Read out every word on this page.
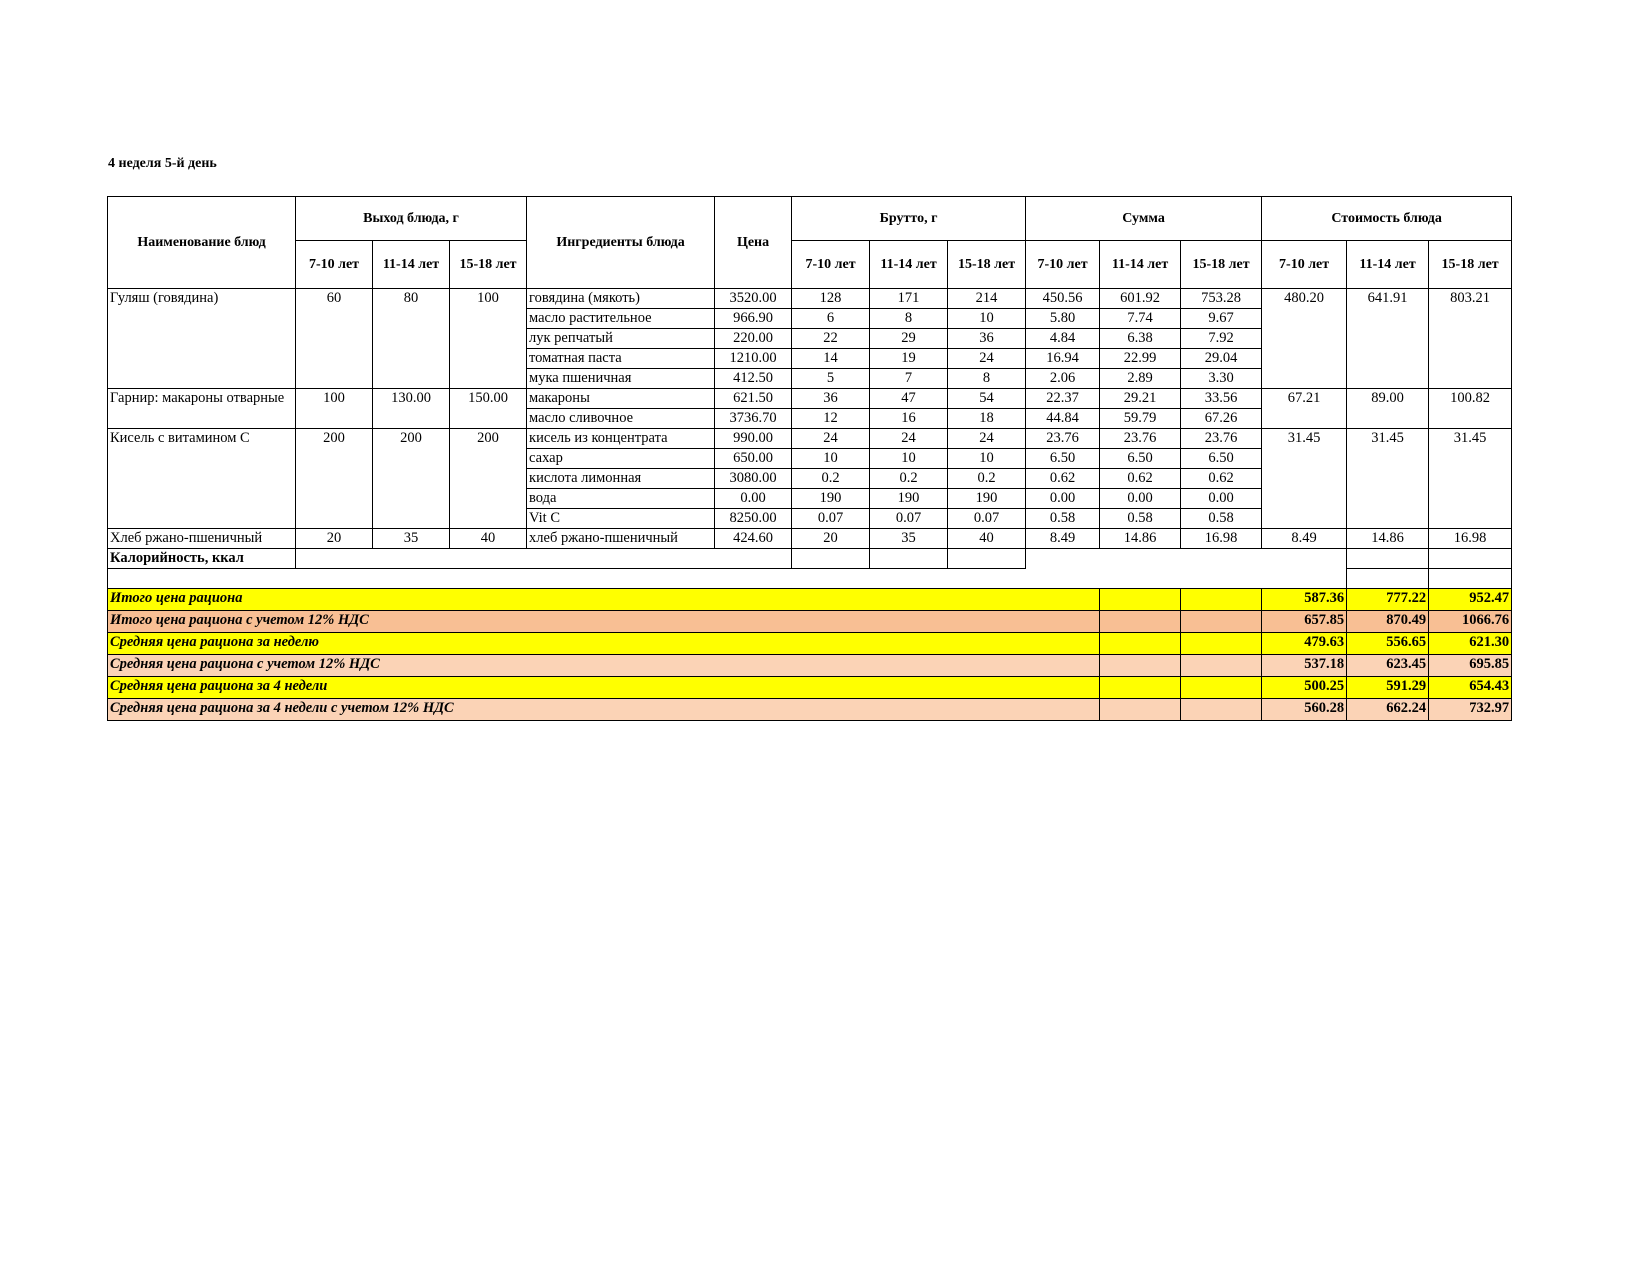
4 неделя 5-й день
Наименование блюд	Выход блюда, г			Ингредиенты блюда	Цена	Брутто, г			Сумма			Стоимость блюда		
	7-10 лет	11-14 лет	15-18 лет			7-10 лет	11-14 лет	15-18 лет	7-10 лет	11-14 лет	15-18 лет	7-10 лет	11-14 лет	15-18 лет
Гуляш (говядина)	60	80	100	говядина (мякоть)	3520.00	128	171	214	450.56	601.92	753.28	480.20	641.91	803.21
				масло растительное	966.90	6	8	10	5.80	7.74	9.67			
				лук репчатый	220.00	22	29	36	4.84	6.38	7.92			
				томатная паста	1210.00	14	19	24	16.94	22.99	29.04			
				мука пшеничная	412.50	5	7	8	2.06	2.89	3.30			
Гарнир: макароны отварные	100	130.00	150.00	макароны	621.50	36	47	54	22.37	29.21	33.56	67.21	89.00	100.82
				масло сливочное	3736.70	12	16	18	44.84	59.79	67.26			
Кисель с витамином С	200	200	200	кисель из концентрата	990.00	24	24	24	23.76	23.76	23.76	31.45	31.45	31.45
				сахар	650.00	10	10	10	6.50	6.50	6.50			
				кислота лимонная	3080.00	0.2	0.2	0.2	0.62	0.62	0.62			
				вода	0.00	190	190	190	0.00	0.00	0.00			
				Vit C	8250.00	0.07	0.07	0.07	0.58	0.58	0.58			
Хлеб ржано-пшеничный	20	35	40	хлеб ржано-пшеничный	424.60	20	35	40	8.49	14.86	16.98	8.49	14.86	16.98
Калорийность, ккал														

Итого цена рациона												587.36	777.22	952.47
Итого цена рациона с учетом 12% НДС												657.85	870.49	1066.76
Средняя цена рациона за неделю												479.63	556.65	621.30
Средняя цена рациона с учетом 12% НДС												537.18	623.45	695.85
Средняя цена рациона за 4 недели												500.25	591.29	654.43
Средняя цена рациона за 4 недели с учетом 12% НДС												560.28	662.24	732.97
